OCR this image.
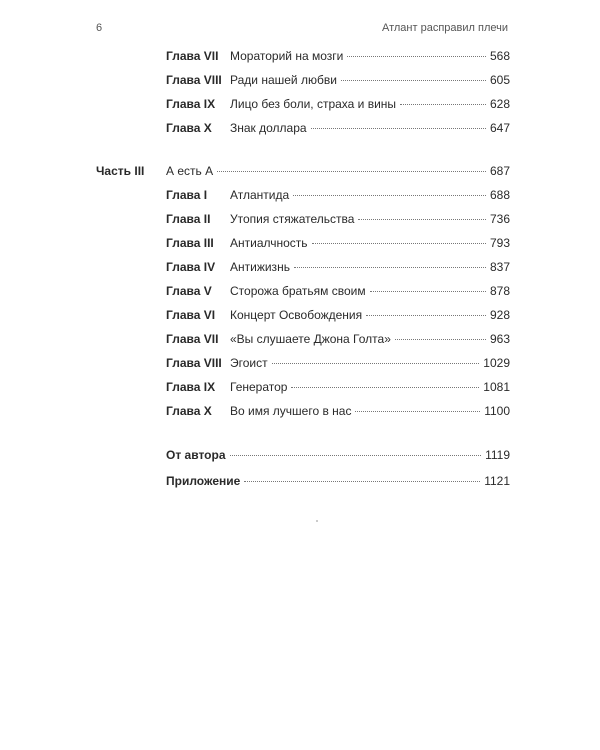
6	Атлант расправил плечи
Глава VII Мораторий на мозги	568
Глава VIII Ради нашей любви	605
Глава IX Лицо без боли, страха и вины	628
Глава X Знак доллара	647
Часть III А есть А	687
Глава I Атлантида	688
Глава II Утопия стяжательства	736
Глава III Антиалчность	793
Глава IV Антижизнь	837
Глава V Сторожа братьям своим	878
Глава VI Концерт Освобождения	928
Глава VII «Вы слушаете Джона Голта»	963
Глава VIII Эгоист	1029
Глава IX Генератор	1081
Глава X Во имя лучшего в нас	1100
От автора	1119
Приложение	1121
